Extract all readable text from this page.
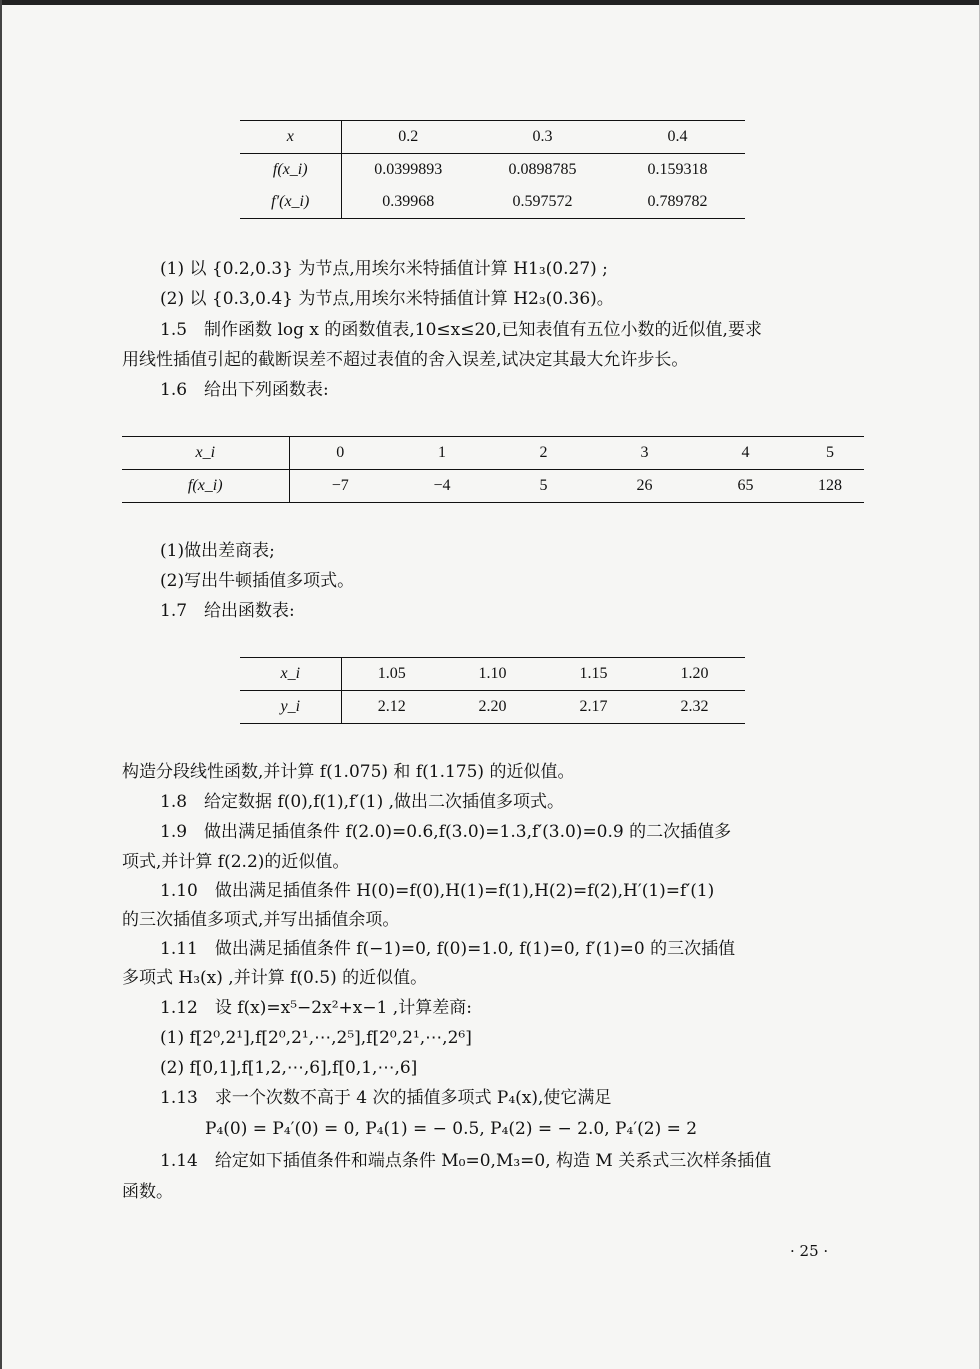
x	0.2	0.3	0.4
f(x_i)	0.0399893	0.0898785	0.159318
f′(x_i)	0.39968	0.597572	0.789782
(1) 以 {0.2,0.3} 为节点,用埃尔米特插值计算 H1₃(0.27) ;
(2) 以 {0.3,0.4} 为节点,用埃尔米特插值计算 H2₃(0.36)。
1.5　制作函数 log x 的函数值表,10≤x≤20,已知表值有五位小数的近似值,要求
用线性插值引起的截断误差不超过表值的舍入误差,试决定其最大允许步长。
1.6　给出下列函数表:
x_i	0	1	2	3	4	5
f(x_i)	−7	−4	5	26	65	128
(1)做出差商表;
(2)写出牛顿插值多项式。
1.7　给出函数表:
x_i	1.05	1.10	1.15	1.20
y_i	2.12	2.20	2.17	2.32
构造分段线性函数,并计算 f(1.075) 和 f(1.175) 的近似值。
1.8　给定数据 f(0),f(1),f′(1) ,做出二次插值多项式。
1.9　做出满足插值条件 f(2.0)=0.6,f(3.0)=1.3,f′(3.0)=0.9 的二次插值多
项式,并计算 f(2.2)的近似值。
1.10　做出满足插值条件 H(0)=f(0),H(1)=f(1),H(2)=f(2),H′(1)=f′(1)
的三次插值多项式,并写出插值余项。
1.11　做出满足插值条件 f(−1)=0, f(0)=1.0, f(1)=0, f′(1)=0 的三次插值
多项式 H₃(x) ,并计算 f(0.5) 的近似值。
1.12　设 f(x)=x⁵−2x²+x−1 ,计算差商:
(1) f[2⁰,2¹],f[2⁰,2¹,⋯,2⁵],f[2⁰,2¹,⋯,2⁶]
(2) f[0,1],f[1,2,⋯,6],f[0,1,⋯,6]
1.13　求一个次数不高于 4 次的插值多项式 P₄(x),使它满足
P₄(0) = P₄′(0) = 0, P₄(1) = − 0.5, P₄(2) = − 2.0, P₄′(2) = 2
1.14　给定如下插值条件和端点条件 M₀=0,M₃=0, 构造 M 关系式三次样条插值
函数。
· 25 ·
